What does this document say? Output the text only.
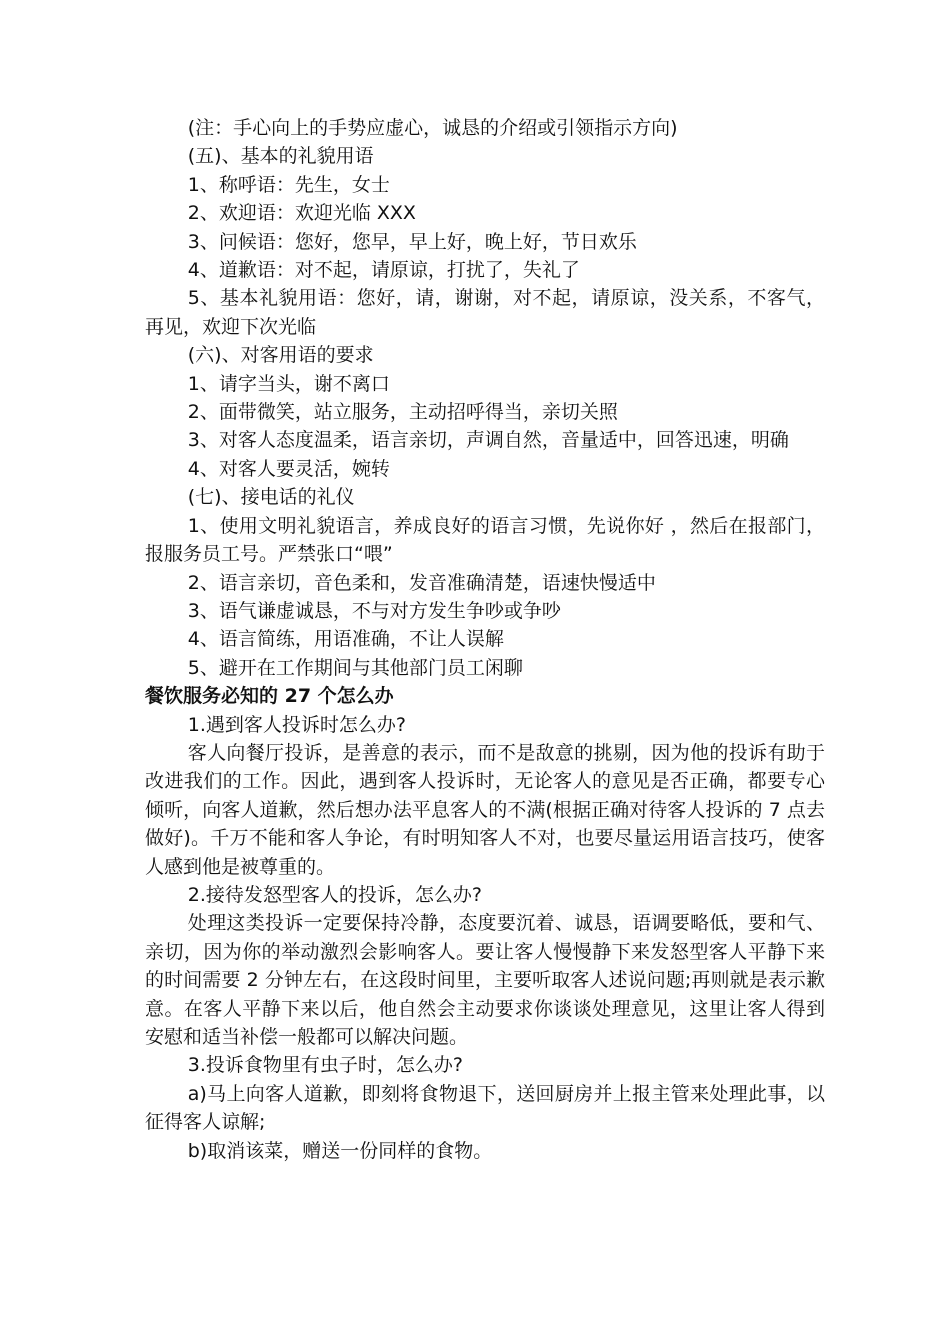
(注：手心向上的手势应虚心，诚恳的介绍或引领指示方向)

(五)、基本的礼貌用语

1、称呼语：先生，女士

2、欢迎语：欢迎光临 XXX

3、问候语：您好，您早，早上好，晚上好，节日欢乐

4、道歉语：对不起，请原谅，打扰了，失礼了

5、基本礼貌用语：您好，请，谢谢，对不起，请原谅，没关系，不客气，再见，欢迎下次光临

(六)、对客用语的要求

1、请字当头，谢不离口

2、面带微笑，站立服务，主动招呼得当，亲切关照

3、对客人态度温柔，语言亲切，声调自然，音量适中，回答迅速，明确

4、对客人要灵活，婉转

(七)、接电话的礼仪

1、使用文明礼貌语言，养成良好的语言习惯，先说你好 ，然后在报部门，报服务员工号。严禁张口“喂”

2、语言亲切，音色柔和，发音准确清楚，语速快慢适中

3、语气谦虚诚恳，不与对方发生争吵或争吵

4、语言简练，用语准确，不让人误解

5、避开在工作期间与其他部门员工闲聊

餐饮服务必知的 27 个怎么办

1.遇到客人投诉时怎么办?

客人向餐厅投诉，是善意的表示，而不是敌意的挑剔，因为他的投诉有助于改进我们的工作。因此，遇到客人投诉时，无论客人的意见是否正确，都要专心倾听，向客人道歉，然后想办法平息客人的不满(根据正确对待客人投诉的 7 点去做好)。千万不能和客人争论，有时明知客人不对，也要尽量运用语言技巧，使客人感到他是被尊重的。

2.接待发怒型客人的投诉，怎么办?

处理这类投诉一定要保持冷静，态度要沉着、诚恳，语调要略低，要和气、亲切，因为你的举动激烈会影响客人。要让客人慢慢静下来发怒型客人平静下来的时间需要 2 分钟左右，在这段时间里，主要听取客人述说问题;再则就是表示歉意。在客人平静下来以后，他自然会主动要求你谈谈处理意见，这里让客人得到安慰和适当补偿一般都可以解决问题。

3.投诉食物里有虫子时，怎么办?

a)马上向客人道歉，即刻将食物退下，送回厨房并上报主管来处理此事，以征得客人谅解;

b)取消该菜，赠送一份同样的食物。
